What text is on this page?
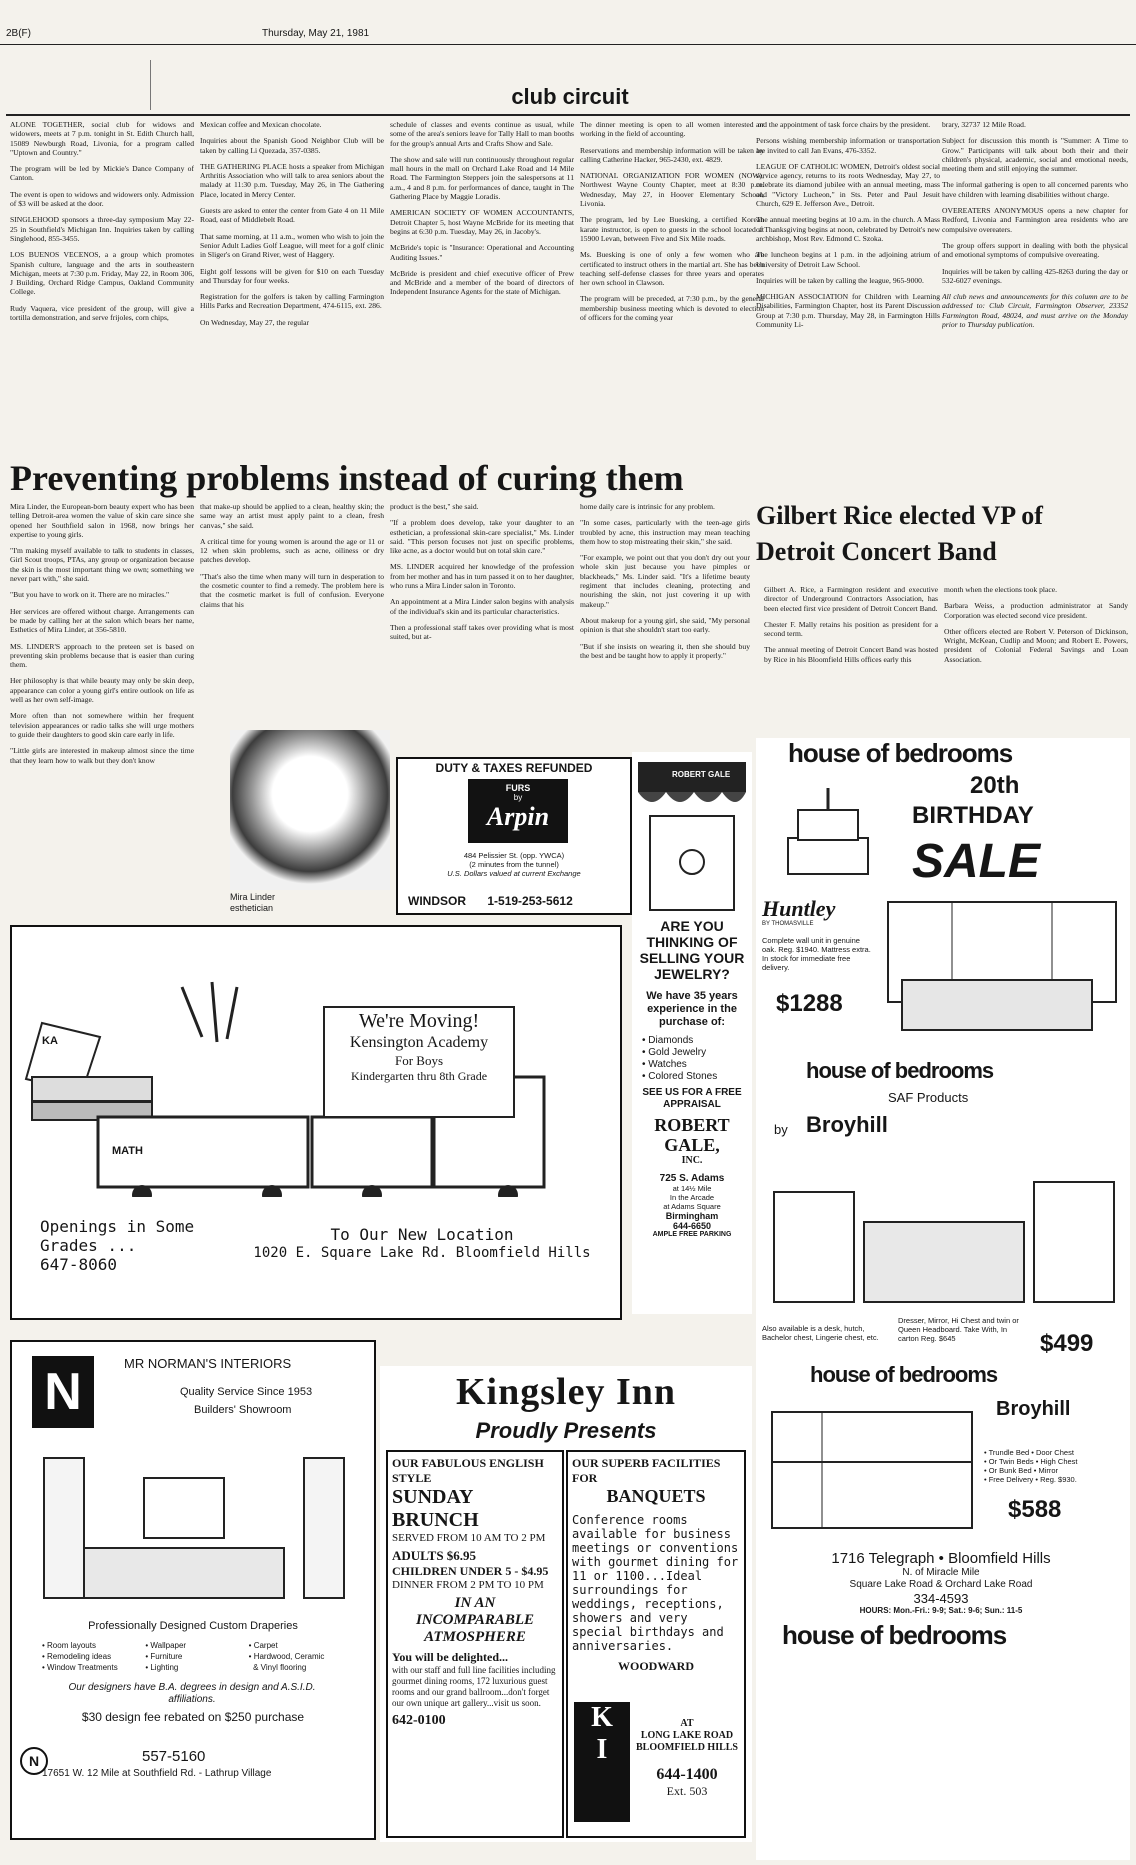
2B(F)	Thursday, May 21, 1981
club circuit

ALONE TOGETHER, social club for widows and widowers, meets at 7 p.m. tonight in St. Edith Church hall, 15089 Newburgh Road, Livonia, for a program called "Uptown and Country."

The program will be led by Mickie's Dance Company of Canton.

The event is open to widows and widowers only. Admission of $3 will be asked at the door.

SINGLEHOOD sponsors a three-day symposium May 22-25 in Southfield's Michigan Inn. Inquiries taken by calling Singlehood, 855-3455.

LOS BUENOS VECENOS, a a group which promotes Spanish culture, language and the arts in southeastern Michigan, meets at 7:30 p.m. Friday, May 22, in Room 306, J Building, Orchard Ridge Campus, Oakland Community College.

Rudy Vaquera, vice president of the group, will give a tortilla demonstration, and serve frijoles, corn chips,

Mexican coffee and Mexican chocolate.

Inquiries about the Spanish Good Neighbor Club will be taken by calling Li Quezada, 357-0385.

THE GATHERING PLACE hosts a speaker from Michigan Arthritis Association who will talk to area seniors about the malady at 11:30 p.m. Tuesday, May 26, in The Gathering Place, located in Mercy Center.

Guests are asked to enter the center from Gate 4 on 11 Mile Road, east of Middlebelt Road.

That same morning, at 11 a.m., women who wish to join the Senior Adult Ladies Golf League, will meet for a golf clinic in Sliger's on Grand River, west of Haggery.

Eight golf lessons will be given for $10 on each Tuesday and Thursday for four weeks.

Registration for the golfers is taken by calling Farmington Hills Parks and Recreation Department, 474-6115, ext. 286.

On Wednesday, May 27, the regular

schedule of classes and events continue as usual, while some of the area's seniors leave for Tally Hall to man booths for the group's annual Arts and Crafts Show and Sale.

The show and sale will run continuously throughout regular mall hours in the mall on Orchard Lake Road and 14 Mile Road. The Farmington Steppers join the salespersons at 11 a.m., 4 and 8 p.m. for performances of dance, taught in The Gathering Place by Maggie Loradis.

AMERICAN SOCIETY OF WOMEN ACCOUNTANTS, Detroit Chapter 5, host Wayne McBride for its meeting that begins at 6:30 p.m. Tuesday, May 26, in Jacoby's.

McBride's topic is "Insurance: Operational and Accounting Auditing Issues."

McBride is president and chief executive officer of Prew and McBride and a member of the board of directors of Independent Insurance Agents for the state of Michigan.

The dinner meeting is open to all women interested or working in the field of accounting.

Reservations and membership information will be taken by calling Catherine Hacker, 965-2430, ext. 4829.

NATIONAL ORGANIZATION FOR WOMEN (NOW), Northwest Wayne County Chapter, meet at 8:30 p.m. Wednesday, May 27, in Hoover Elementary School, Livonia.

The program, led by Lee Buesking, a certified Korean karate instructor, is open to guests in the school located at 15900 Levan, between Five and Six Mile roads.

Ms. Buesking is one of only a few women who are certificated to instruct others in the martial art. She has been teaching self-defense classes for three years and operates her own school in Clawson.

The program will be preceded, at 7:30 p.m., by the general membership business meeting which is devoted to election of officers for the coming year

and the appointment of task force chairs by the president.

Persons wishing membership information or transportation are invited to call Jan Evans, 476-3352.

LEAGUE OF CATHOLIC WOMEN, Detroit's oldest social service agency, returns to its roots Wednesday, May 27, to celebrate its diamond jubilee with an annual meeting, mass and "Victory Lucheon," in Sts. Peter and Paul Jesuit Church, 629 E. Jefferson Ave., Detroit.

The annual meeting begins at 10 a.m. in the church. A Mass of Thanksgiving begins at noon, celebrated by Detroit's new archbishop, Most Rev. Edmond C. Szoka.

The luncheon begins at 1 p.m. in the adjoining atrium of University of Detroit Law School.

Inquiries will be taken by calling the league, 965-9000.

MICHIGAN ASSOCIATION for Children with Learning Disabilities, Farmington Chapter, host its Parent Discussion Group at 7:30 p.m. Thursday, May 28, in Farmington Hills Community Li-

brary, 32737 12 Mile Road.

Subject for discussion this month is "Summer: A Time to Grow." Participants will talk about both their and their children's physical, academic, social and emotional needs, meeting them and still enjoying the summer.

The informal gathering is open to all concerned parents who have children with learning disabilities without charge.

OVEREATERS ANONYMOUS opens a new chapter for Redford, Livonia and Farmington area residents who are compulsive overeaters.

The group offers support in dealing with both the physical and emotional symptoms of compulsive overeating.

Inquiries will be taken by calling 425-8263 during the day or 532-6027 evenings.

All club news and announcements for this column are to be addressed to: Club Circuit, Farmington Observer, 23352 Farmington Road, 48024, and must arrive on the Monday prior to Thursday publication.

Preventing problems instead of curing them

Mira Linder, the European-born beauty expert who has been telling Detroit-area women the value of skin care since she opened her Southfield salon in 1968, now brings her expertise to young girls.

"I'm making myself available to talk to students in classes, Girl Scout troops, PTAs, any group or organization because the skin is the most important thing we own; something we never part with," she said.

"But you have to work on it. There are no miracles."

Her services are offered without charge. Arrangements can be made by calling her at the salon which bears her name, Esthetics of Mira Linder, at 356-5810.

MS. LINDER'S approach to the preteen set is based on preventing skin problems because that is easier than curing them.

Her philosophy is that while beauty may only be skin deep, appearance can color a young girl's entire outlook on life as well as her own self-image.

More often than not somewhere within her frequent television appearances or radio talks she will urge mothers to guide their daughters to good skin care early in life.

"Little girls are interested in makeup almost since the time that they learn how to walk but they don't know

that make-up should be applied to a clean, healthy skin; the same way an artist must apply paint to a clean, fresh canvas," she said.

A critical time for young women is around the age or 11 or 12 when skin problems, such as acne, oiliness or dry patches develop.

"That's also the time when many will turn in desperation to the cosmetic counter to find a remedy. The problem here is that the cosmetic market is full of confusion. Everyone claims that his

product is the best," she said.

"If a problem does develop, take your daughter to an esthetician, a professional skin-care specialist," Ms. Linder said. "This person focuses not just on specific problems, like acne, as a doctor would but on total skin care."

MS. LINDER acquired her knowledge of the profession from her mother and has in turn passed it on to her daughter, who runs a Mira Linder salon in Toronto.

An appointment at a Mira Linder salon begins with analysis of the individual's skin and its particular characteristics.

Then a professional staff takes over providing what is most suited, but at-

home daily care is intrinsic for any problem.

"In some cases, particularly with the teen-age girls troubled by acne, this instruction may mean teaching them how to stop mistreating their skin," she said.

"For example, we point out that you don't dry out your whole skin just because you have pimples or blackheads," Ms. Linder said. "It's a lifetime beauty regiment that includes cleaning, protecting and nourishing the skin, not just covering it up with makeup."

About makeup for a young girl, she said, "My personal opinion is that she shouldn't start too early.

"But if she insists on wearing it, then she should buy the best and be taught how to apply it properly."

Mira Linder
esthetician
Gilbert Rice elected VP of Detroit Concert Band

Gilbert A. Rice, a Farmington resident and executive director of Underground Contractors Association, has been elected first vice president of Detroit Concert Band.

Chester F. Mally retains his position as president for a second term.

The annual meeting of Detroit Concert Band was hosted by Rice in his Bloomfield Hills offices early this

month when the elections took place.

Barbara Weiss, a production administrator at Sandy Corporation was elected second vice president.

Other officers elected are Robert V. Peterson of Dickinson, Wright, McKean, Cudlip and Moon; and Robert E. Powers, president of Colonial Federal Savings and Loan Association.

DUTY & TAXES REFUNDED
FURS
by
Arpin
484 Pelissier St. (opp. YWCA)
(2 minutes from the tunnel)
U.S. Dollars valued at current Exchange
WINDSOR 1-519-253-5612
ROBERT GALE
ARE YOU THINKING OF SELLING YOUR JEWELRY?
We have 35 years experience in the purchase of:
• Diamonds
• Gold Jewelry
• Watches
• Colored Stones
SEE US FOR A FREE APPRAISAL
ROBERT GALE,
INC.
725 S. Adams
at 14½ Mile
In the Arcade
at Adams Square
Birmingham
644-6650
AMPLE FREE PARKING
KA
MATH
We're Moving!
Kensington Academy
For Boys
Kindergarten thru 8th Grade
Openings in Some Grades ...
647-8060
To Our New Location
1020 E. Square Lake Rd. Bloomfield Hills
house of bedrooms
20th
BIRTHDAY
SALE
Huntley
BY THOMASVILLE
Complete wall unit in genuine oak. Reg. $1940. Mattress extra. In stock for immediate free delivery.
$1288
house of bedrooms
SAF Products
by Broyhill
Also available is a desk, hutch, Bachelor chest, Lingerie chest, etc.
Dresser, Mirror, Hi Chest and twin or Queen Headboard. Take With, In carton Reg. $645	$499
house of bedrooms
Broyhill
• Trundle Bed • Door Chest
• Or Twin Beds • High Chest
• Or Bunk Bed • Mirror
• Free Delivery • Reg. $930.
$588
1716 Telegraph • Bloomfield Hills
N. of Miracle Mile
Square Lake Road & Orchard Lake Road
334-4593
HOURS: Mon.-Fri.: 9-9; Sat.: 9-6; Sun.: 11-5
house of bedrooms
N	MR NORMAN'S INTERIORS
Quality Service Since 1953
Builders' Showroom
Professionally Designed Custom Draperies
• Room layouts	• Wallpaper	• Carpet
• Remodeling ideas	• Furniture	• Hardwood, Ceramic
• Window Treatments	• Lighting	& Vinyl flooring
Our designers have B.A. degrees in design and A.S.I.D. affiliations.
$30 design fee rebated on $250 purchase
N	557-5160
17651 W. 12 Mile at Southfield Rd. - Lathrup Village
Kingsley Inn
Proudly Presents
OUR FABULOUS ENGLISH STYLE
SUNDAY BRUNCH
SERVED FROM 10 AM TO 2 PM
ADULTS $6.95
CHILDREN UNDER 5 - $4.95
DINNER FROM 2 PM TO 10 PM
IN AN
INCOMPARABLE
ATMOSPHERE
You will be delighted...
with our staff and full line facilities including gourmet dining rooms, 172 luxurious guest rooms and our grand ballroom...don't forget our own unique art gallery...visit us soon.
642-0100
OUR SUPERB FACILITIES FOR
BANQUETS
Conference rooms available for business meetings or conventions with gourmet dining for 11 or 1100...Ideal surroundings for weddings, receptions, showers and very special birthdays and anniversaries.
WOODWARD
K
I
AT
LONG LAKE ROAD
BLOOMFIELD HILLS
644-1400
Ext. 503
